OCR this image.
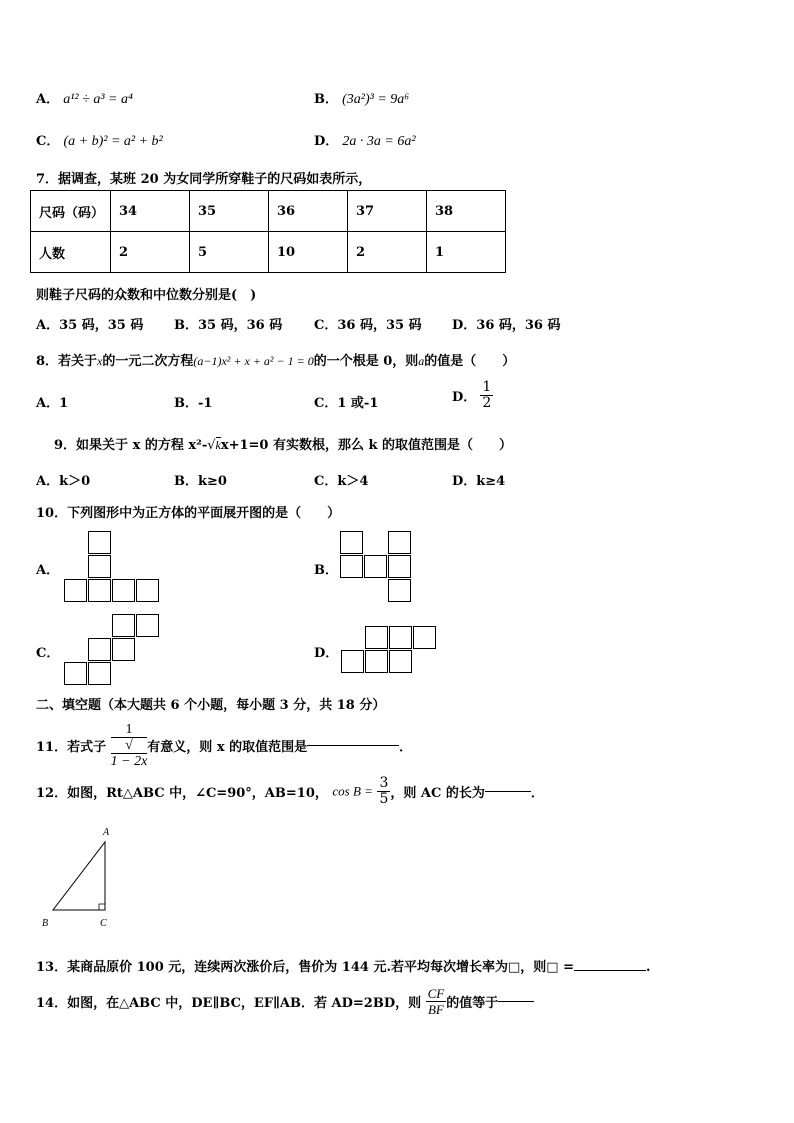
A． a¹² ÷ a³ = a⁴	B． (3a²)³ = 9a⁶
C． (a + b)² = a² + b²	D． 2a · 3a = 6a²
7．据调查，某班 20 为女同学所穿鞋子的尺码如表所示，
尺码（码）	34	35	36	37	38
人数	2	5	10	2	1
则鞋子尺码的众数和中位数分别是(　)
A．35 码，35 码 B．35 码，36 码 C．36 码，35 码 D．36 码，36 码
8．若关于x的一元二次方程(a−1)x² + x + a² − 1 = 0的一个根是 0，则a的值是（　　）
A．1	B．-1	C．1 或-1	D． $\frac{1}{2}$
9．如果关于 x 的方程 x²-√kx+1=0 有实数根，那么 k 的取值范围是（　　）
A．k＞0	B．k≥0	C．k＞4	D．k≥4
10．下列图形中为正方体的平面展开图的是（　　）
A．	B．
C．	D．
二、填空题（本大题共 6 个小题，每小题 3 分，共 18 分）
11．若式子 1
√
1 − 2x 有意义，则 x 的取值范围是	．
12．如图，Rt△ABC 中，∠C=90°，AB=10， $\cos B = \frac{3}{5}$ ，则 AC 的长为	．
A
B	C
13．某商品原价 100 元，连续两次涨价后，售价为 144 元.若平均每次增长率为□，则□ =	.
14．如图，在△ABC 中，DE∥BC，EF∥AB．若 AD=2BD，则 $\frac{CF}{BF}$ 的值等于
